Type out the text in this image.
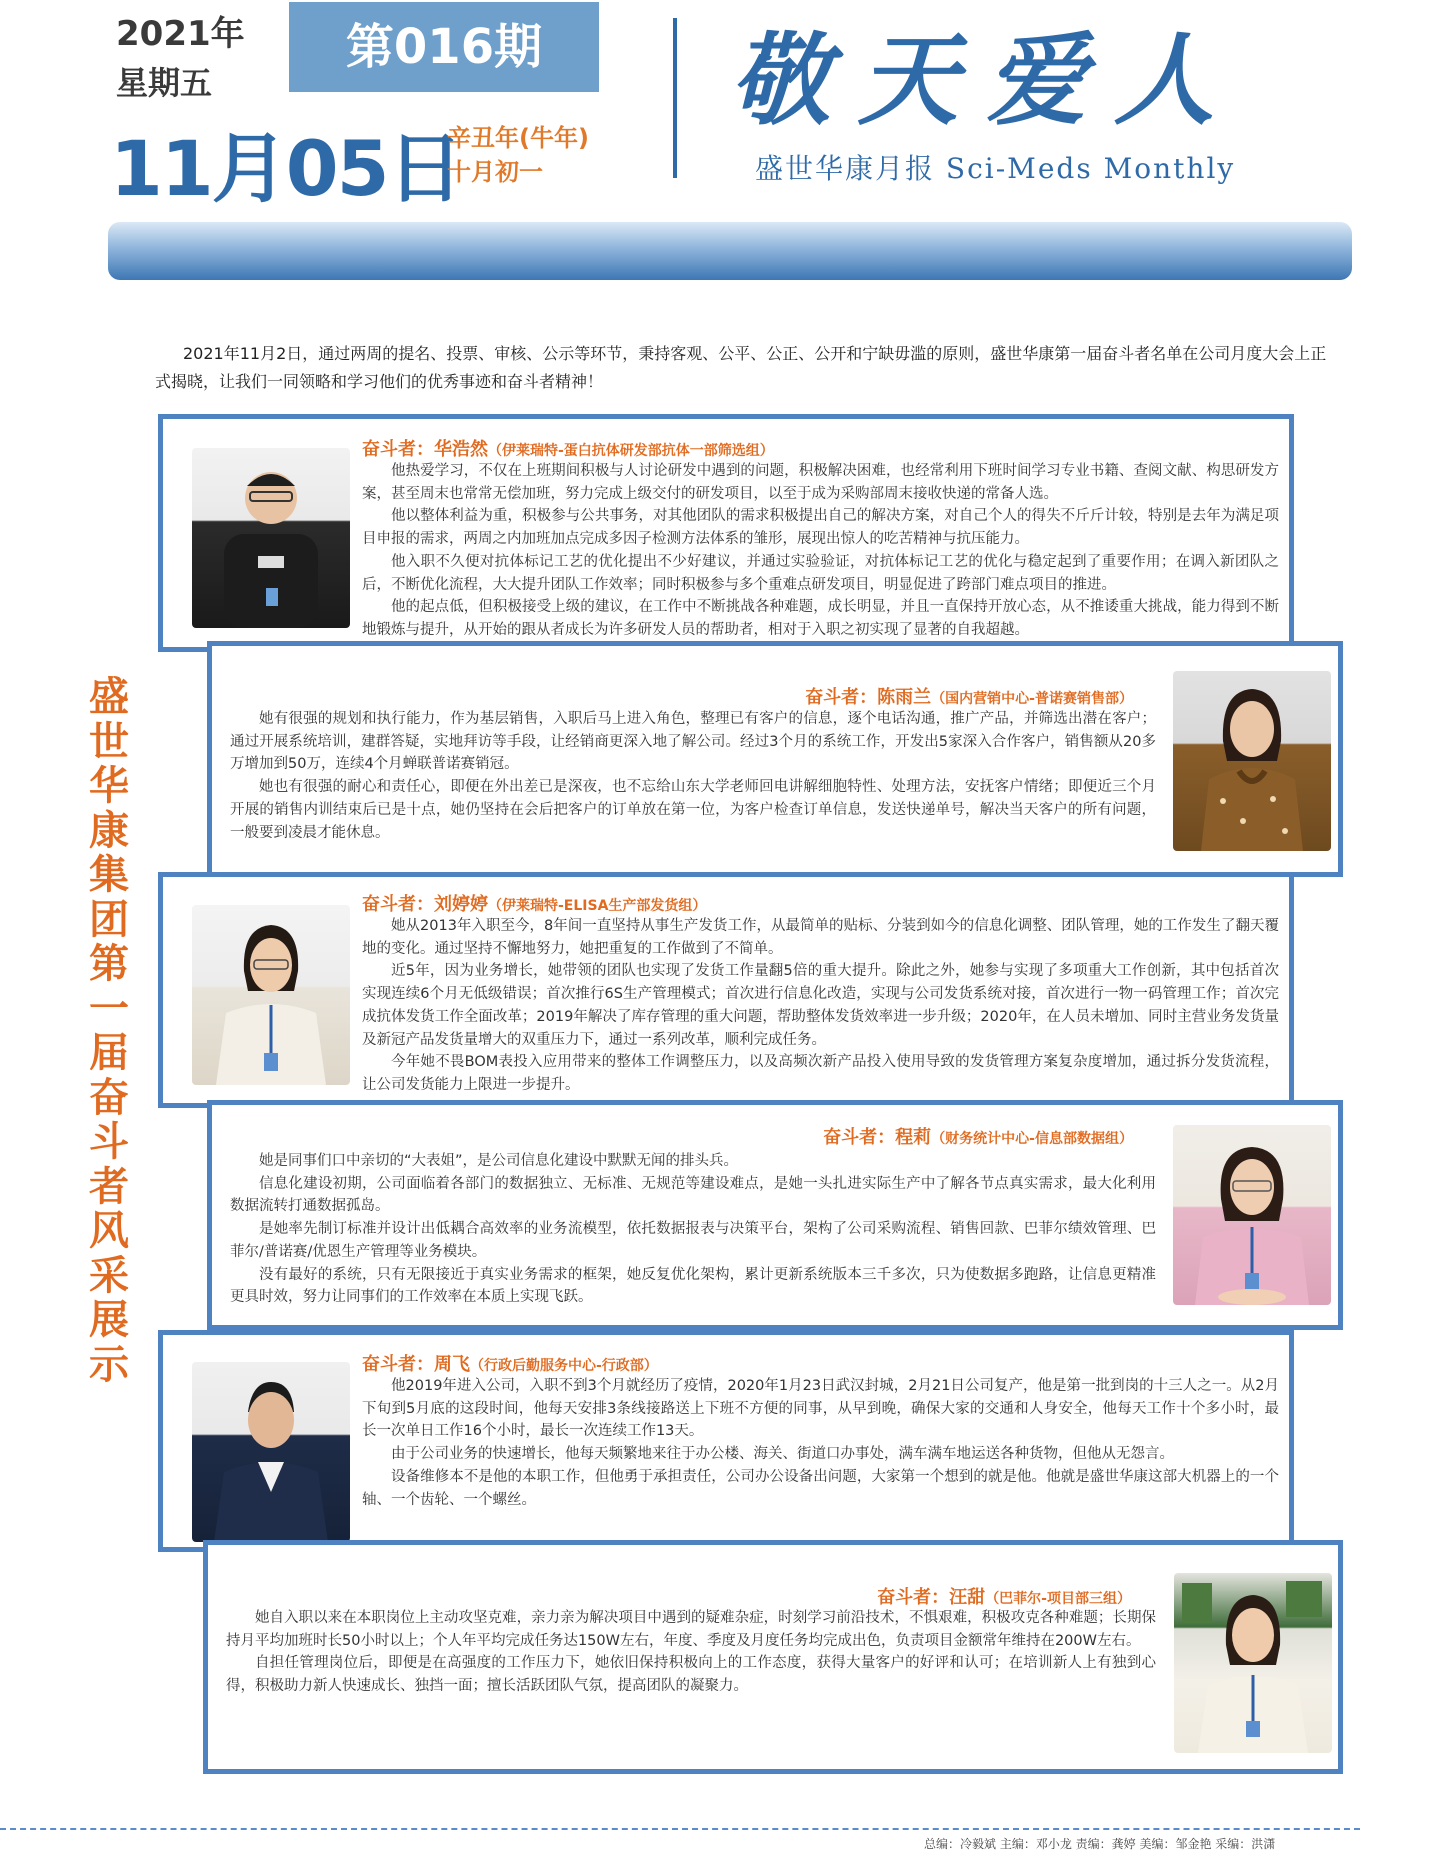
2021年
星期五
第016期
11月05日
辛丑年(牛年)
十月初一
敬天爱人
盛世华康月报 Sci-Meds Monthly
2021年11月2日，通过两周的提名、投票、审核、公示等环节，秉持客观、公平、公正、公开和宁缺毋滥的原则，盛世华康第一届奋斗者名单在公司月度大会上正式揭晓，让我们一同领略和学习他们的优秀事迹和奋斗者精神！
盛世华康集团第一届奋斗者风采展示
奋斗者：华浩然（伊莱瑞特-蛋白抗体研发部抗体一部筛选组）

他热爱学习，不仅在上班期间积极与人讨论研发中遇到的问题，积极解决困难，也经常利用下班时间学习专业书籍、查阅文献、构思研发方案，甚至周末也常常无偿加班，努力完成上级交付的研发项目，以至于成为采购部周末接收快递的常备人选。

他以整体利益为重，积极参与公共事务，对其他团队的需求积极提出自己的解决方案，对自己个人的得失不斤斤计较，特别是去年为满足项目申报的需求，两周之内加班加点完成多因子检测方法体系的雏形，展现出惊人的吃苦精神与抗压能力。

他入职不久便对抗体标记工艺的优化提出不少好建议，并通过实验验证，对抗体标记工艺的优化与稳定起到了重要作用；在调入新团队之后，不断优化流程，大大提升团队工作效率；同时积极参与多个重难点研发项目，明显促进了跨部门难点项目的推进。

他的起点低，但积极接受上级的建议，在工作中不断挑战各种难题，成长明显，并且一直保持开放心态，从不推诿重大挑战，能力得到不断地锻炼与提升，从开始的跟从者成长为许多研发人员的帮助者，相对于入职之初实现了显著的自我超越。

奋斗者：陈雨兰（国内营销中心-普诺赛销售部）

她有很强的规划和执行能力，作为基层销售，入职后马上进入角色，整理已有客户的信息，逐个电话沟通，推广产品，并筛选出潜在客户；通过开展系统培训，建群答疑，实地拜访等手段，让经销商更深入地了解公司。经过3个月的系统工作，开发出5家深入合作客户，销售额从20多万增加到50万，连续4个月蝉联普诺赛销冠。

她也有很强的耐心和责任心，即便在外出差已是深夜，也不忘给山东大学老师回电讲解细胞特性、处理方法，安抚客户情绪；即便近三个月开展的销售内训结束后已是十点，她仍坚持在会后把客户的订单放在第一位，为客户检查订单信息，发送快递单号，解决当天客户的所有问题，一般要到凌晨才能休息。

奋斗者：刘婷婷（伊莱瑞特-ELISA生产部发货组）

她从2013年入职至今，8年间一直坚持从事生产发货工作，从最简单的贴标、分装到如今的信息化调整、团队管理，她的工作发生了翻天覆地的变化。通过坚持不懈地努力，她把重复的工作做到了不简单。

近5年，因为业务增长，她带领的团队也实现了发货工作量翻5倍的重大提升。除此之外，她参与实现了多项重大工作创新，其中包括首次实现连续6个月无低级错误；首次推行6S生产管理模式；首次进行信息化改造，实现与公司发货系统对接，首次进行一物一码管理工作；首次完成抗体发货工作全面改革；2019年解决了库存管理的重大问题，帮助整体发货效率进一步升级；2020年，在人员未增加、同时主营业务发货量及新冠产品发货量增大的双重压力下，通过一系列改革，顺利完成任务。

今年她不畏BOM表投入应用带来的整体工作调整压力，以及高频次新产品投入使用导致的发货管理方案复杂度增加，通过拆分发货流程，让公司发货能力上限进一步提升。

奋斗者：程莉（财务统计中心-信息部数据组）

她是同事们口中亲切的“大表姐”，是公司信息化建设中默默无闻的排头兵。

信息化建设初期，公司面临着各部门的数据独立、无标准、无规范等建设难点，是她一头扎进实际生产中了解各节点真实需求，最大化利用数据流转打通数据孤岛。

是她率先制订标准并设计出低耦合高效率的业务流模型，依托数据报表与决策平台，架构了公司采购流程、销售回款、巴菲尔绩效管理、巴菲尔/普诺赛/优恩生产管理等业务模块。

没有最好的系统，只有无限接近于真实业务需求的框架，她反复优化架构，累计更新系统版本三千多次，只为使数据多跑路，让信息更精准更具时效，努力让同事们的工作效率在本质上实现飞跃。

奋斗者：周飞（行政后勤服务中心-行政部）

他2019年进入公司，入职不到3个月就经历了疫情，2020年1月23日武汉封城，2月21日公司复产，他是第一批到岗的十三人之一。从2月下旬到5月底的这段时间，他每天安排3条线接路送上下班不方便的同事，从早到晚，确保大家的交通和人身安全，他每天工作十个多小时，最长一次单日工作16个小时，最长一次连续工作13天。

由于公司业务的快速增长，他每天频繁地来往于办公楼、海关、街道口办事处，满车满车地运送各种货物，但他从无怨言。

设备维修本不是他的本职工作，但他勇于承担责任，公司办公设备出问题，大家第一个想到的就是他。他就是盛世华康这部大机器上的一个轴、一个齿轮、一个螺丝。

奋斗者：汪甜（巴菲尔-项目部三组）

她自入职以来在本职岗位上主动攻坚克难，亲力亲为解决项目中遇到的疑难杂症，时刻学习前沿技术，不惧艰难，积极攻克各种难题；长期保持月平均加班时长50小时以上；个人年平均完成任务达150W左右，年度、季度及月度任务均完成出色，负责项目金额常年维持在200W左右。

自担任管理岗位后，即便是在高强度的工作压力下，她依旧保持积极向上的工作态度，获得大量客户的好评和认可；在培训新人上有独到心得，积极助力新人快速成长、独挡一面；擅长活跃团队气氛，提高团队的凝聚力。

总编：冷毅斌 主编：邓小龙 责编：龚婷 美编：邹金艳 采编：洪潇
